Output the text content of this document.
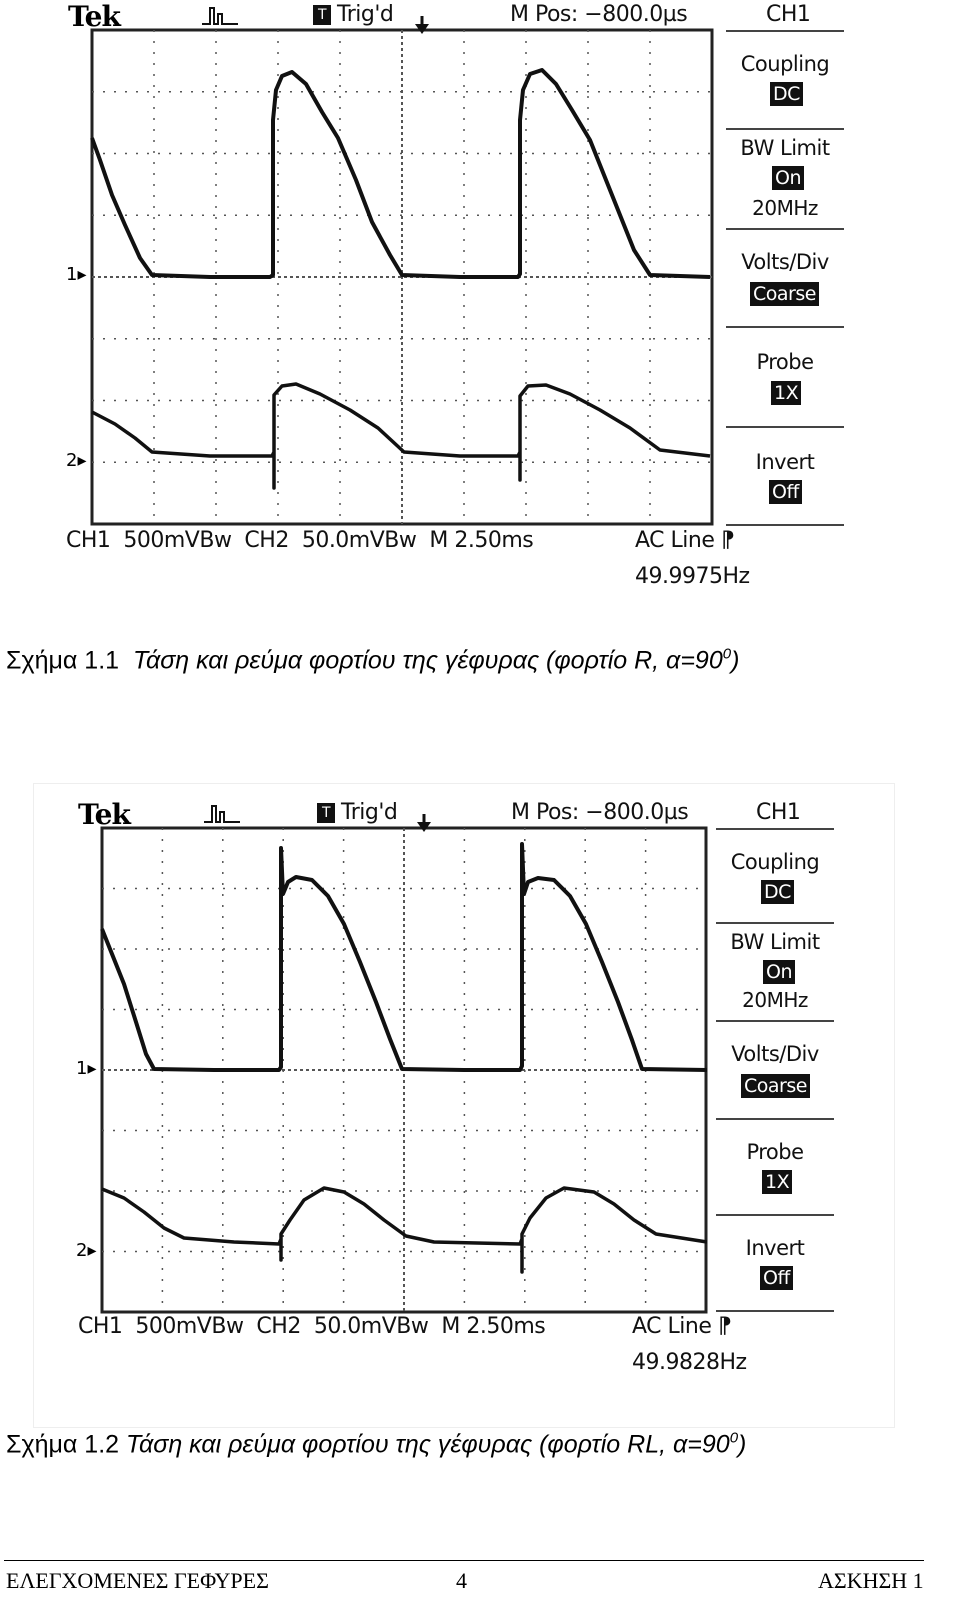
Tek	T Trig'd	M Pos: −800.0µs	CH1
Coupling
DC
BW Limit
On
20MHz
Volts/Div
Coarse
Probe
1X
Invert
Off
1▸
2▸
CH1  500mVBw  CH2  50.0mVBw  M 2.50ms	AC Line ⁋
49.9975Hz
Σχήμα 1.1 Τάση και ρεύμα φορτίου της γέφυρας (φορτίο R, $\alpha=90^0$)
Tek	T Trig'd	M Pos: −800.0µs	CH1
Coupling
DC
BW Limit
On
20MHz
Volts/Div
Coarse
Probe
1X
Invert
Off
1▸
2▸
CH1  500mVBw  CH2  50.0mVBw  M 2.50ms	AC Line ⁋
49.9828Hz
Σχήμα 1.2 Τάση και ρεύμα φορτίου της γέφυρας (φορτίο RL, $\alpha=90^0$)
ΕΛΕΓΧΟΜΕΝΕΣ ΓΕΦΥΡΕΣ	4	ΑΣΚΗΣΗ 1
